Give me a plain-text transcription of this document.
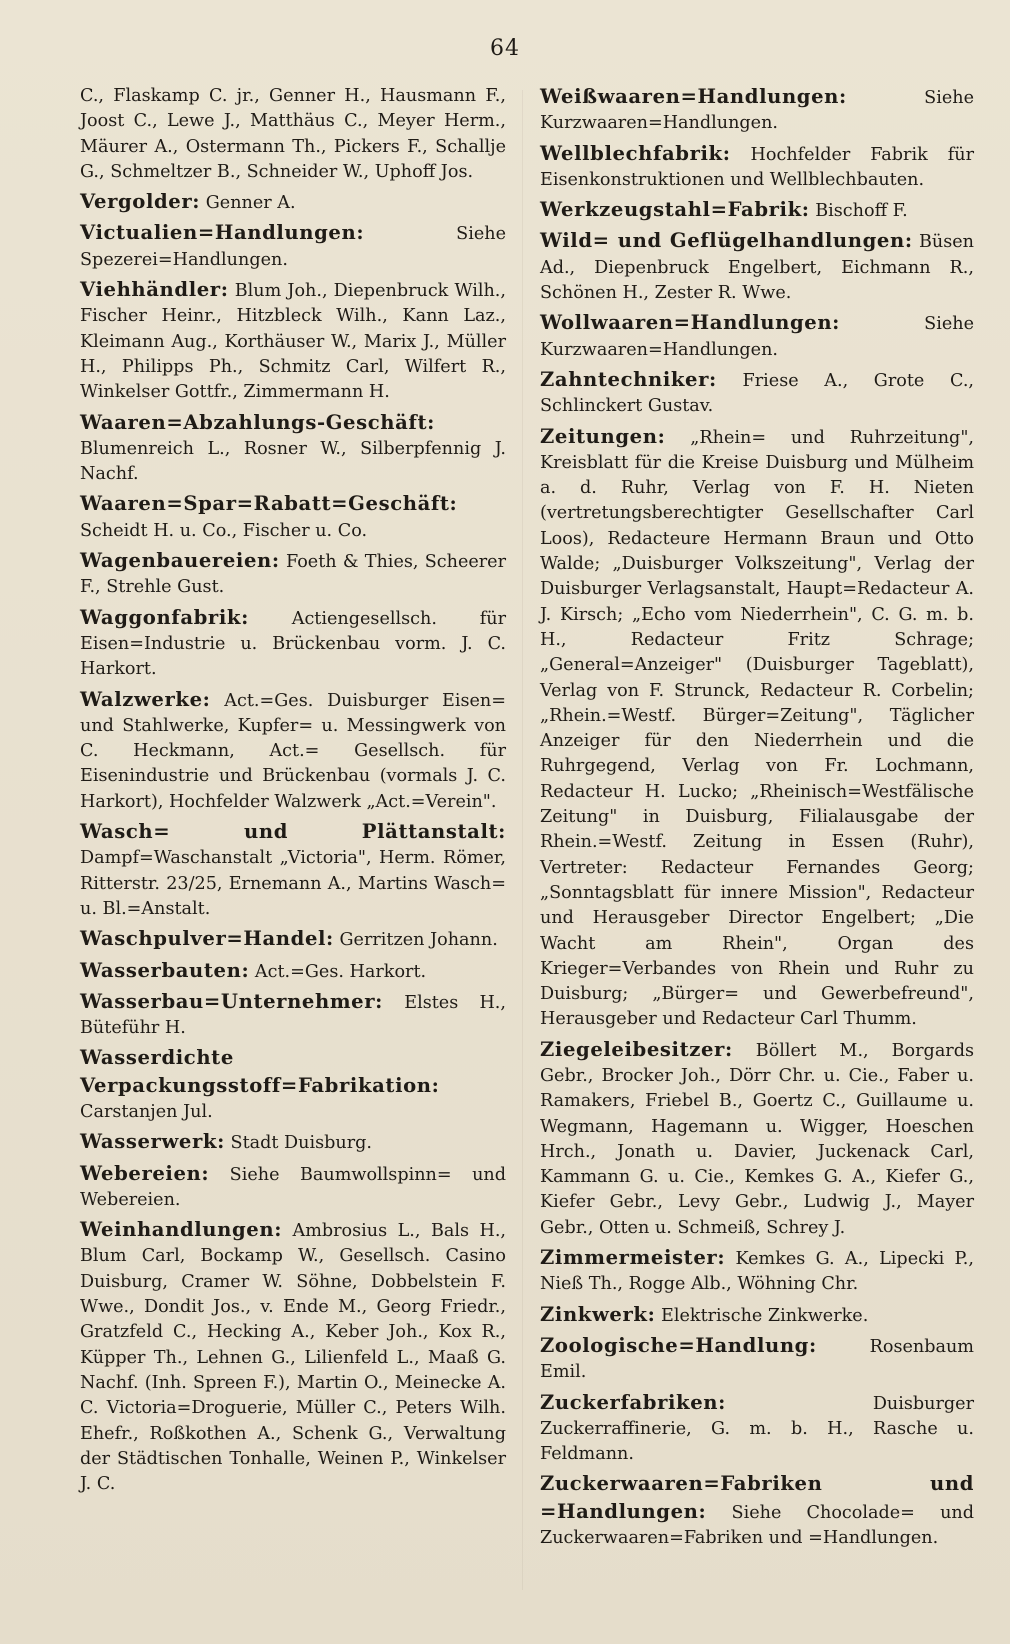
64

C., Flaskamp C. jr., Genner H., Hausmann F., Joost C., Lewe J., Matthäus C., Meyer Herm., Mäurer A., Ostermann Th., Pickers F., Schallje G., Schmeltzer B., Schneider W., Uphoff Jos.

Vergolder: Genner A.

Victualien=Handlungen:	Siehe Spezerei=Handlungen.

Viehhändler: Blum Joh., Diepenbruck Wilh., Fischer Heinr., Hitzbleck Wilh., Kann Laz., Kleimann Aug., Korthäuser W., Marix J., Müller H., Philipps Ph., Schmitz Carl, Wilfert R., Winkelser Gottfr., Zimmermann H.

Waaren=Abzahlungs-Geschäft: Blumenreich L., Rosner W., Silberpfennig J. Nachf.

Waaren=Spar=Rabatt=Geschäft: Scheidt H. u. Co., Fischer u. Co.

Wagenbauereien: Foeth & Thies, Scheerer F., Strehle Gust.

Waggonfabrik: Actiengesellsch. für Eisen=Industrie u. Brückenbau vorm. J. C. Harkort.

Walzwerke: Act.=Ges. Duisburger Eisen= und Stahlwerke, Kupfer= u. Messingwerk von C. Heckmann, Act.= Gesellsch. für Eisenindustrie und Brückenbau (vormals J. C. Harkort), Hochfelder Walzwerk „Act.=Verein".

Wasch= und Plättanstalt: Dampf=Waschanstalt „Victoria", Herm. Römer, Ritterstr. 23/25, Ernemann A., Martins Wasch= u. Bl.=Anstalt.

Waschpulver=Handel: Gerritzen Johann.

Wasserbauten: Act.=Ges. Harkort.

Wasserbau=Unternehmer: Elstes H., Büteführ H.

Wasserdichte Verpackungsstoff=Fabrikation: Carstanjen Jul.

Wasserwerk: Stadt Duisburg.

Webereien: Siehe Baumwollspinn= und Webereien.

Weinhandlungen: Ambrosius L., Bals H., Blum Carl, Bockamp W., Gesellsch. Casino Duisburg, Cramer W. Söhne, Dobbelstein F. Wwe., Dondit Jos., v. Ende M., Georg Friedr., Gratzfeld C., Hecking A., Keber Joh., Kox R., Küpper Th., Lehnen G., Lilienfeld L., Maaß G. Nachf. (Inh. Spreen F.), Martin O., Meinecke A. C. Victoria=Droguerie, Müller C., Peters Wilh. Ehefr., Roßkothen A., Schenk G., Verwaltung der Städtischen Tonhalle, Weinen P., Winkelser J. C.

Weißwaaren=Handlungen:	Siehe Kurzwaaren=Handlungen.

Wellblechfabrik: Hochfelder Fabrik für Eisenkonstruktionen und Wellblechbauten.

Werkzeugstahl=Fabrik: Bischoff F.

Wild= und Geflügelhandlungen: Büsen Ad., Diepenbruck Engelbert, Eichmann R., Schönen H., Zester R. Wwe.

Wollwaaren=Handlungen:	Siehe Kurzwaaren=Handlungen.

Zahntechniker: Friese A., Grote C., Schlinckert Gustav.

Zeitungen: „Rhein= und Ruhrzeitung", Kreisblatt für die Kreise Duisburg und Mülheim a. d. Ruhr, Verlag von F. H. Nieten (vertretungsberechtigter Gesellschafter Carl Loos), Redacteure Hermann Braun und Otto Walde; „Duisburger Volkszeitung", Verlag der Duisburger Verlagsanstalt, Haupt=Redacteur A. J. Kirsch; „Echo vom Niederrhein", C. G. m. b. H., Redacteur Fritz Schrage; „General=Anzeiger" (Duisburger Tageblatt), Verlag von F. Strunck, Redacteur R. Corbelin; „Rhein.=Westf. Bürger=Zeitung", Täglicher Anzeiger für den Niederrhein und die Ruhrgegend, Verlag von Fr. Lochmann, Redacteur H. Lucko; „Rheinisch=Westfälische Zeitung" in Duisburg, Filialausgabe der Rhein.=Westf. Zeitung in Essen (Ruhr), Vertreter: Redacteur Fernandes Georg; „Sonntagsblatt für innere Mission", Redacteur und Herausgeber Director Engelbert; „Die Wacht am Rhein", Organ des Krieger=Verbandes von Rhein und Ruhr zu Duisburg; „Bürger= und Gewerbefreund", Herausgeber und Redacteur Carl Thumm.

Ziegeleibesitzer: Böllert M., Borgards Gebr., Brocker Joh., Dörr Chr. u. Cie., Faber u. Ramakers, Friebel B., Goertz C., Guillaume u. Wegmann, Hagemann u. Wigger, Hoeschen Hrch., Jonath u. Davier, Juckenack Carl, Kammann G. u. Cie., Kemkes G. A., Kiefer G., Kiefer Gebr., Levy Gebr., Ludwig J., Mayer Gebr., Otten u. Schmeiß, Schrey J.

Zimmermeister: Kemkes G. A., Lipecki P., Nieß Th., Rogge Alb., Wöhning Chr.

Zinkwerk: Elektrische Zinkwerke.

Zoologische=Handlung:	Rosenbaum Emil.

Zuckerfabriken:	Duisburger Zuckerraffinerie, G. m. b. H., Rasche u. Feldmann.

Zuckerwaaren=Fabriken und =Handlungen: Siehe Chocolade= und Zuckerwaaren=Fabriken und =Handlungen.
